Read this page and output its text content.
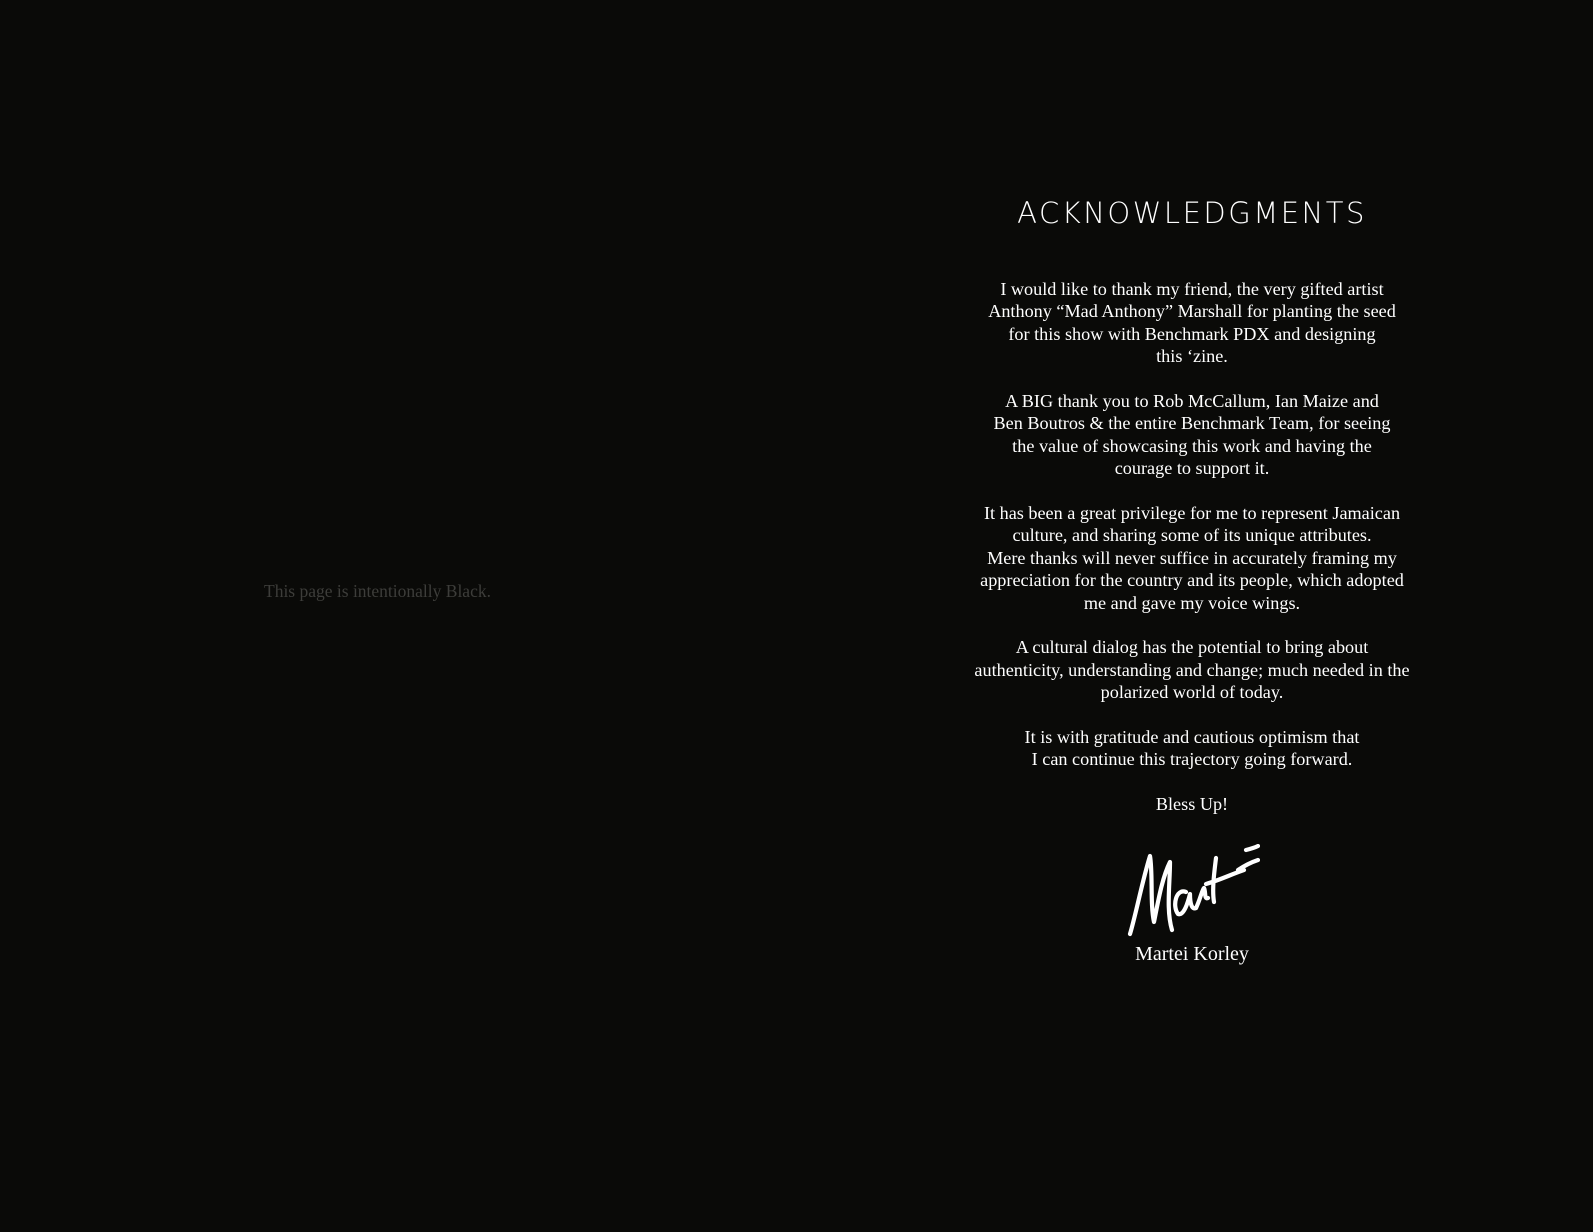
This page is intentionally Black.
ACKNOWLEDGMENTS

I would like to thank my friend, the very gifted artist
Anthony “Mad Anthony” Marshall for planting the seed
for this show with Benchmark PDX and designing
this ‘zine.

A BIG thank you to Rob McCallum, Ian Maize and
Ben Boutros & the entire Benchmark Team, for seeing
the value of showcasing this work and having the
courage to support it.

It has been a great privilege for me to represent Jamaican
culture, and sharing some of its unique attributes.
Mere thanks will never suffice in accurately framing my
appreciation for the country and its people, which adopted
me and gave my voice wings.

A cultural dialog has the potential to bring about
authenticity, understanding and change; much needed in the
polarized world of today.

It is with gratitude and cautious optimism that
I can continue this trajectory going forward.

Bless Up!

Martei Korley
